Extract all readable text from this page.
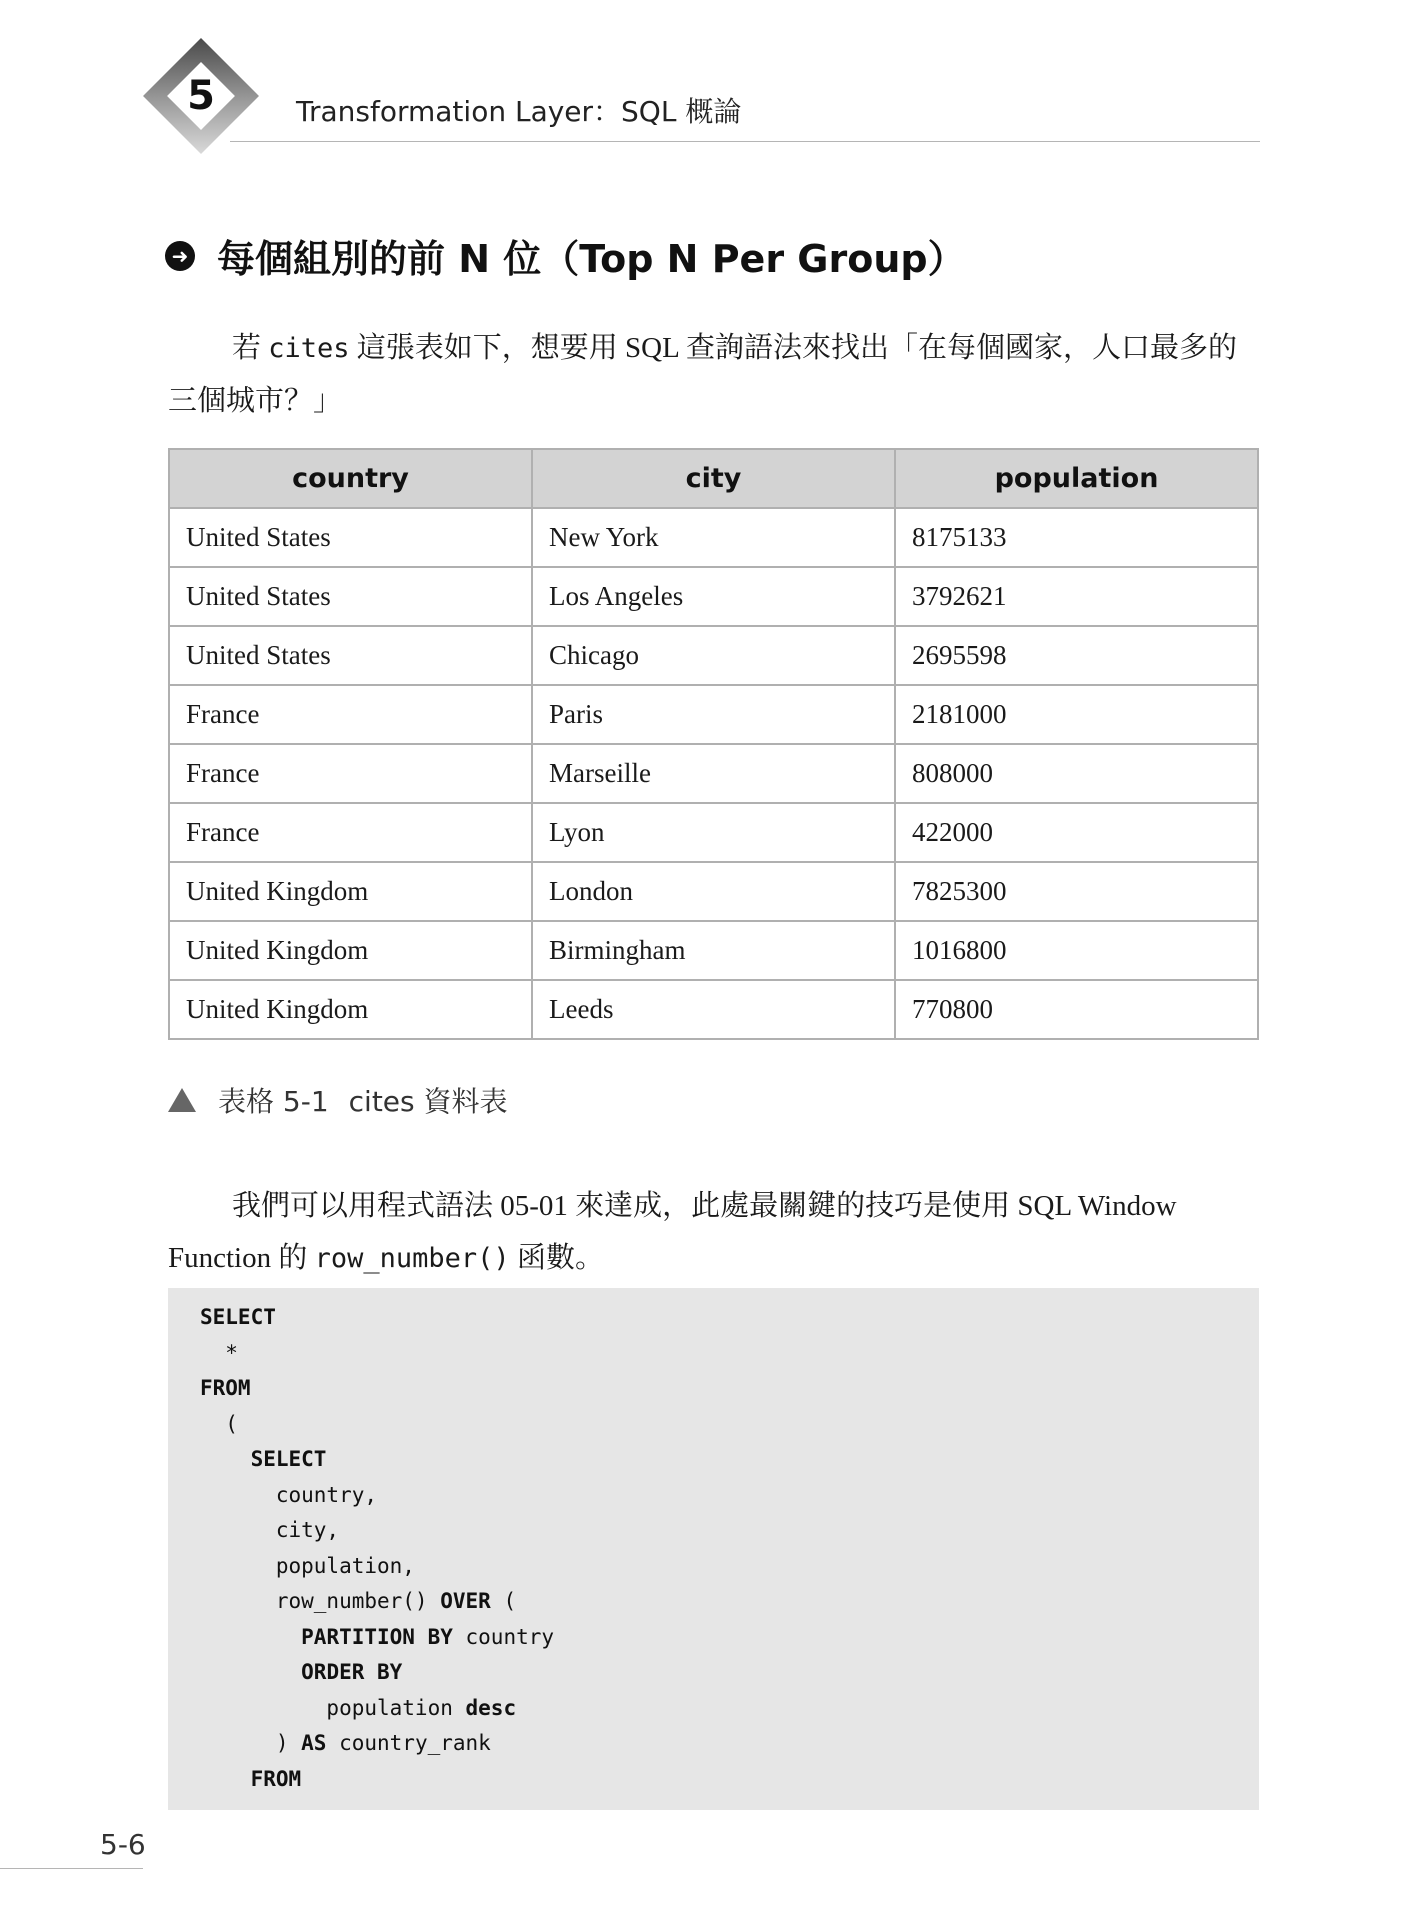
5	Transformation Layer：SQL 概論
➜ 每個組別的前 N 位（Top N Per Group）
若 cites 這張表如下，想要用 SQL 查詢語法來找出「在每個國家，人口最多的三個城市？」
country	city	population
United States	New York	8175133
United States	Los Angeles	3792621
United States	Chicago	2695598
France	Paris	2181000
France	Marseille	808000
France	Lyon	422000
United Kingdom	London	7825300
United Kingdom	Birmingham	1016800
United Kingdom	Leeds	770800
表格 5-1 cites 資料表
我們可以用程式語法 05-01 來達成，此處最關鍵的技巧是使用 SQL Window Function 的 row_number() 函數。
SELECT
*
FROM
(
SELECT
country,
city,
population,
row_number() OVER (
PARTITION BY country
ORDER BY
population desc
) AS country_rank
FROM
5-6
